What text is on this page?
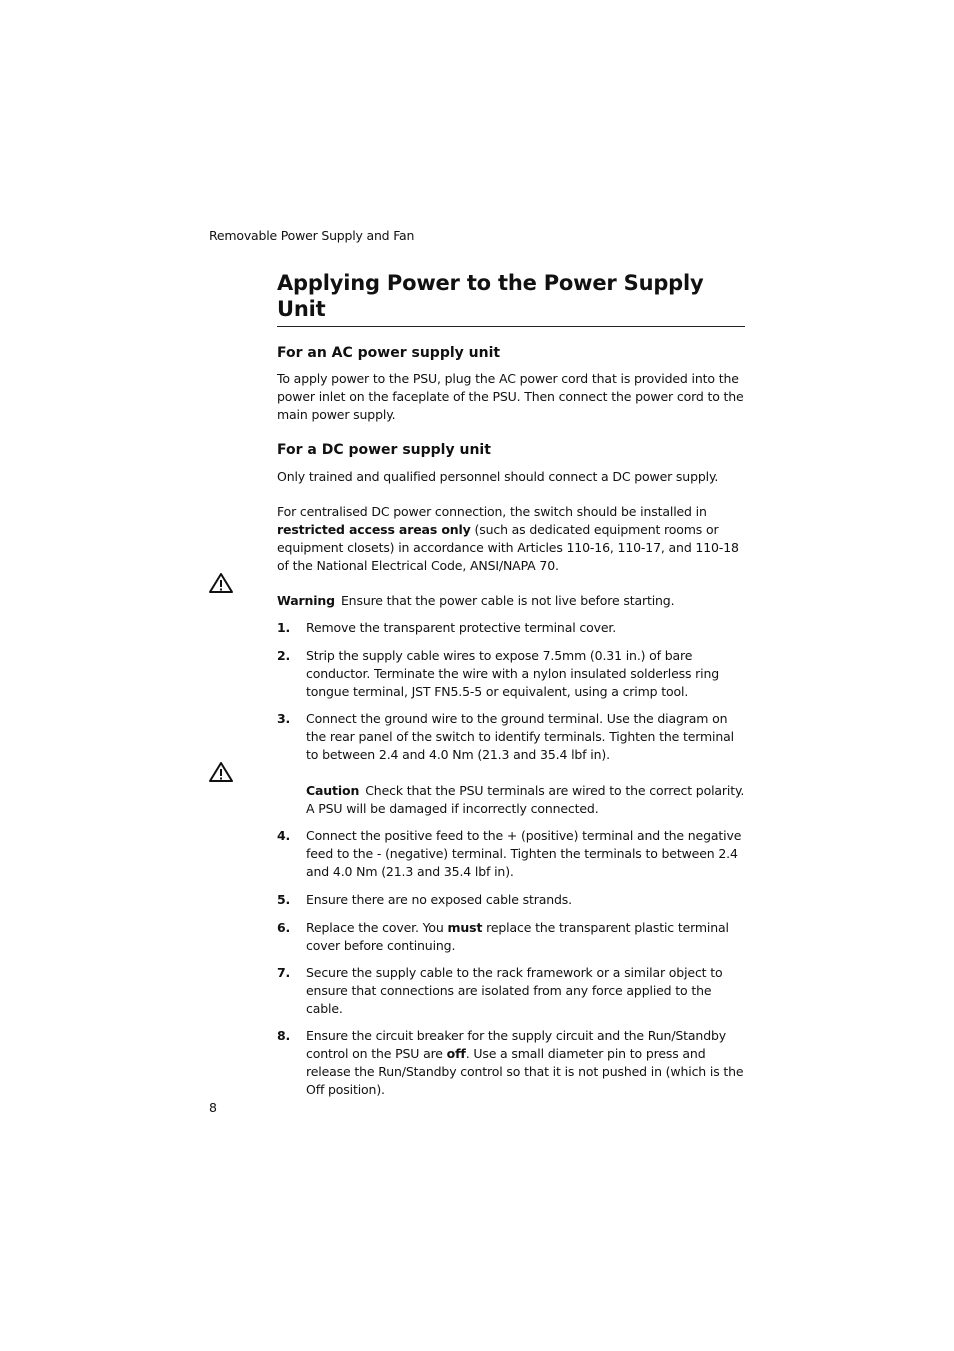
Removable Power Supply and Fan
Applying Power to the Power Supply Unit
For an AC power supply unit

To apply power to the PSU, plug the AC power cord that is provided into the power inlet on the faceplate of the PSU. Then connect the power cord to the main power supply.

For a DC power supply unit

Only trained and qualified personnel should connect a DC power supply.

For centralised DC power connection, the switch should be installed in restricted access areas only (such as dedicated equipment rooms or equipment closets) in accordance with Articles 110-16, 110-17, and 110-18 of the National Electrical Code, ANSI/NAPA 70.

Warning Ensure that the power cable is not live before starting.
1. Remove the transparent protective terminal cover.
2. Strip the supply cable wires to expose 7.5mm (0.31 in.) of bare conductor. Terminate the wire with a nylon insulated solderless ring tongue terminal, JST FN5.5-5 or equivalent, using a crimp tool.
3. Connect the ground wire to the ground terminal. Use the diagram on the rear panel of the switch to identify terminals. Tighten the terminal to between 2.4 and 4.0 Nm (21.3 and 35.4 lbf in).
Caution Check that the PSU terminals are wired to the correct polarity. A PSU will be damaged if incorrectly connected.
4. Connect the positive feed to the + (positive) terminal and the negative feed to the - (negative) terminal. Tighten the terminals to between 2.4 and 4.0 Nm (21.3 and 35.4 lbf in).
5. Ensure there are no exposed cable strands.
6. Replace the cover. You must replace the transparent plastic terminal cover before continuing.
7. Secure the supply cable to the rack framework or a similar object to ensure that connections are isolated from any force applied to the cable.
8. Ensure the circuit breaker for the supply circuit and the Run/Standby control on the PSU are off. Use a small diameter pin to press and release the Run/Standby control so that it is not pushed in (which is the Off position).
8
